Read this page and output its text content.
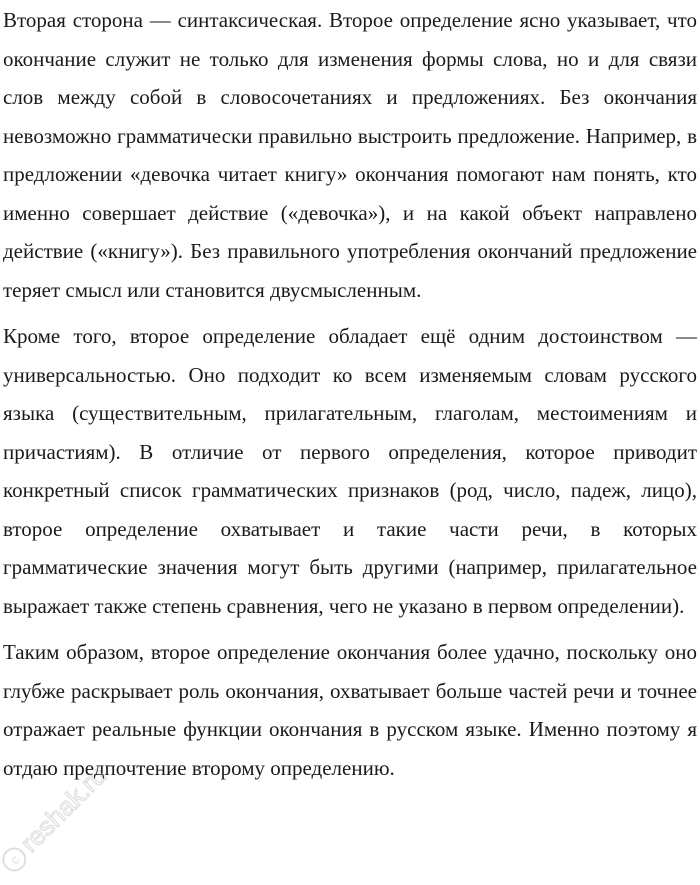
Вторая сторона — синтаксическая. Второе определение ясно указывает, что окончание служит не только для изменения формы слова, но и для связи слов между собой в словосочетаниях и предложениях. Без окончания невозможно грамматически правильно выстроить предложение. Например, в предложении «девочка читает книгу» окончания помогают нам понять, кто именно совершает действие («девочка»), и на какой объект направлено действие («книгу»). Без правильного употребления окончаний предложение теряет смысл или становится двусмысленным.

Кроме того, второе определение обладает ещё одним достоинством — универсальностью. Оно подходит ко всем изменяемым словам русского языка (существительным, прилагательным, глаголам, местоимениям и причастиям). В отличие от первого определения, которое приводит конкретный список грамматических признаков (род, число, падеж, лицо), второе определение охватывает и такие части речи, в которых грамматические значения могут быть другими (например, прилагательное выражает также степень сравнения, чего не указано в первом определении).

Таким образом, второе определение окончания более удачно, поскольку оно глубже раскрывает роль окончания, охватывает больше частей речи и точнее отражает реальные функции окончания в русском языке. Именно поэтому я отдаю предпочтение второму определению.

c
reshak.ru
